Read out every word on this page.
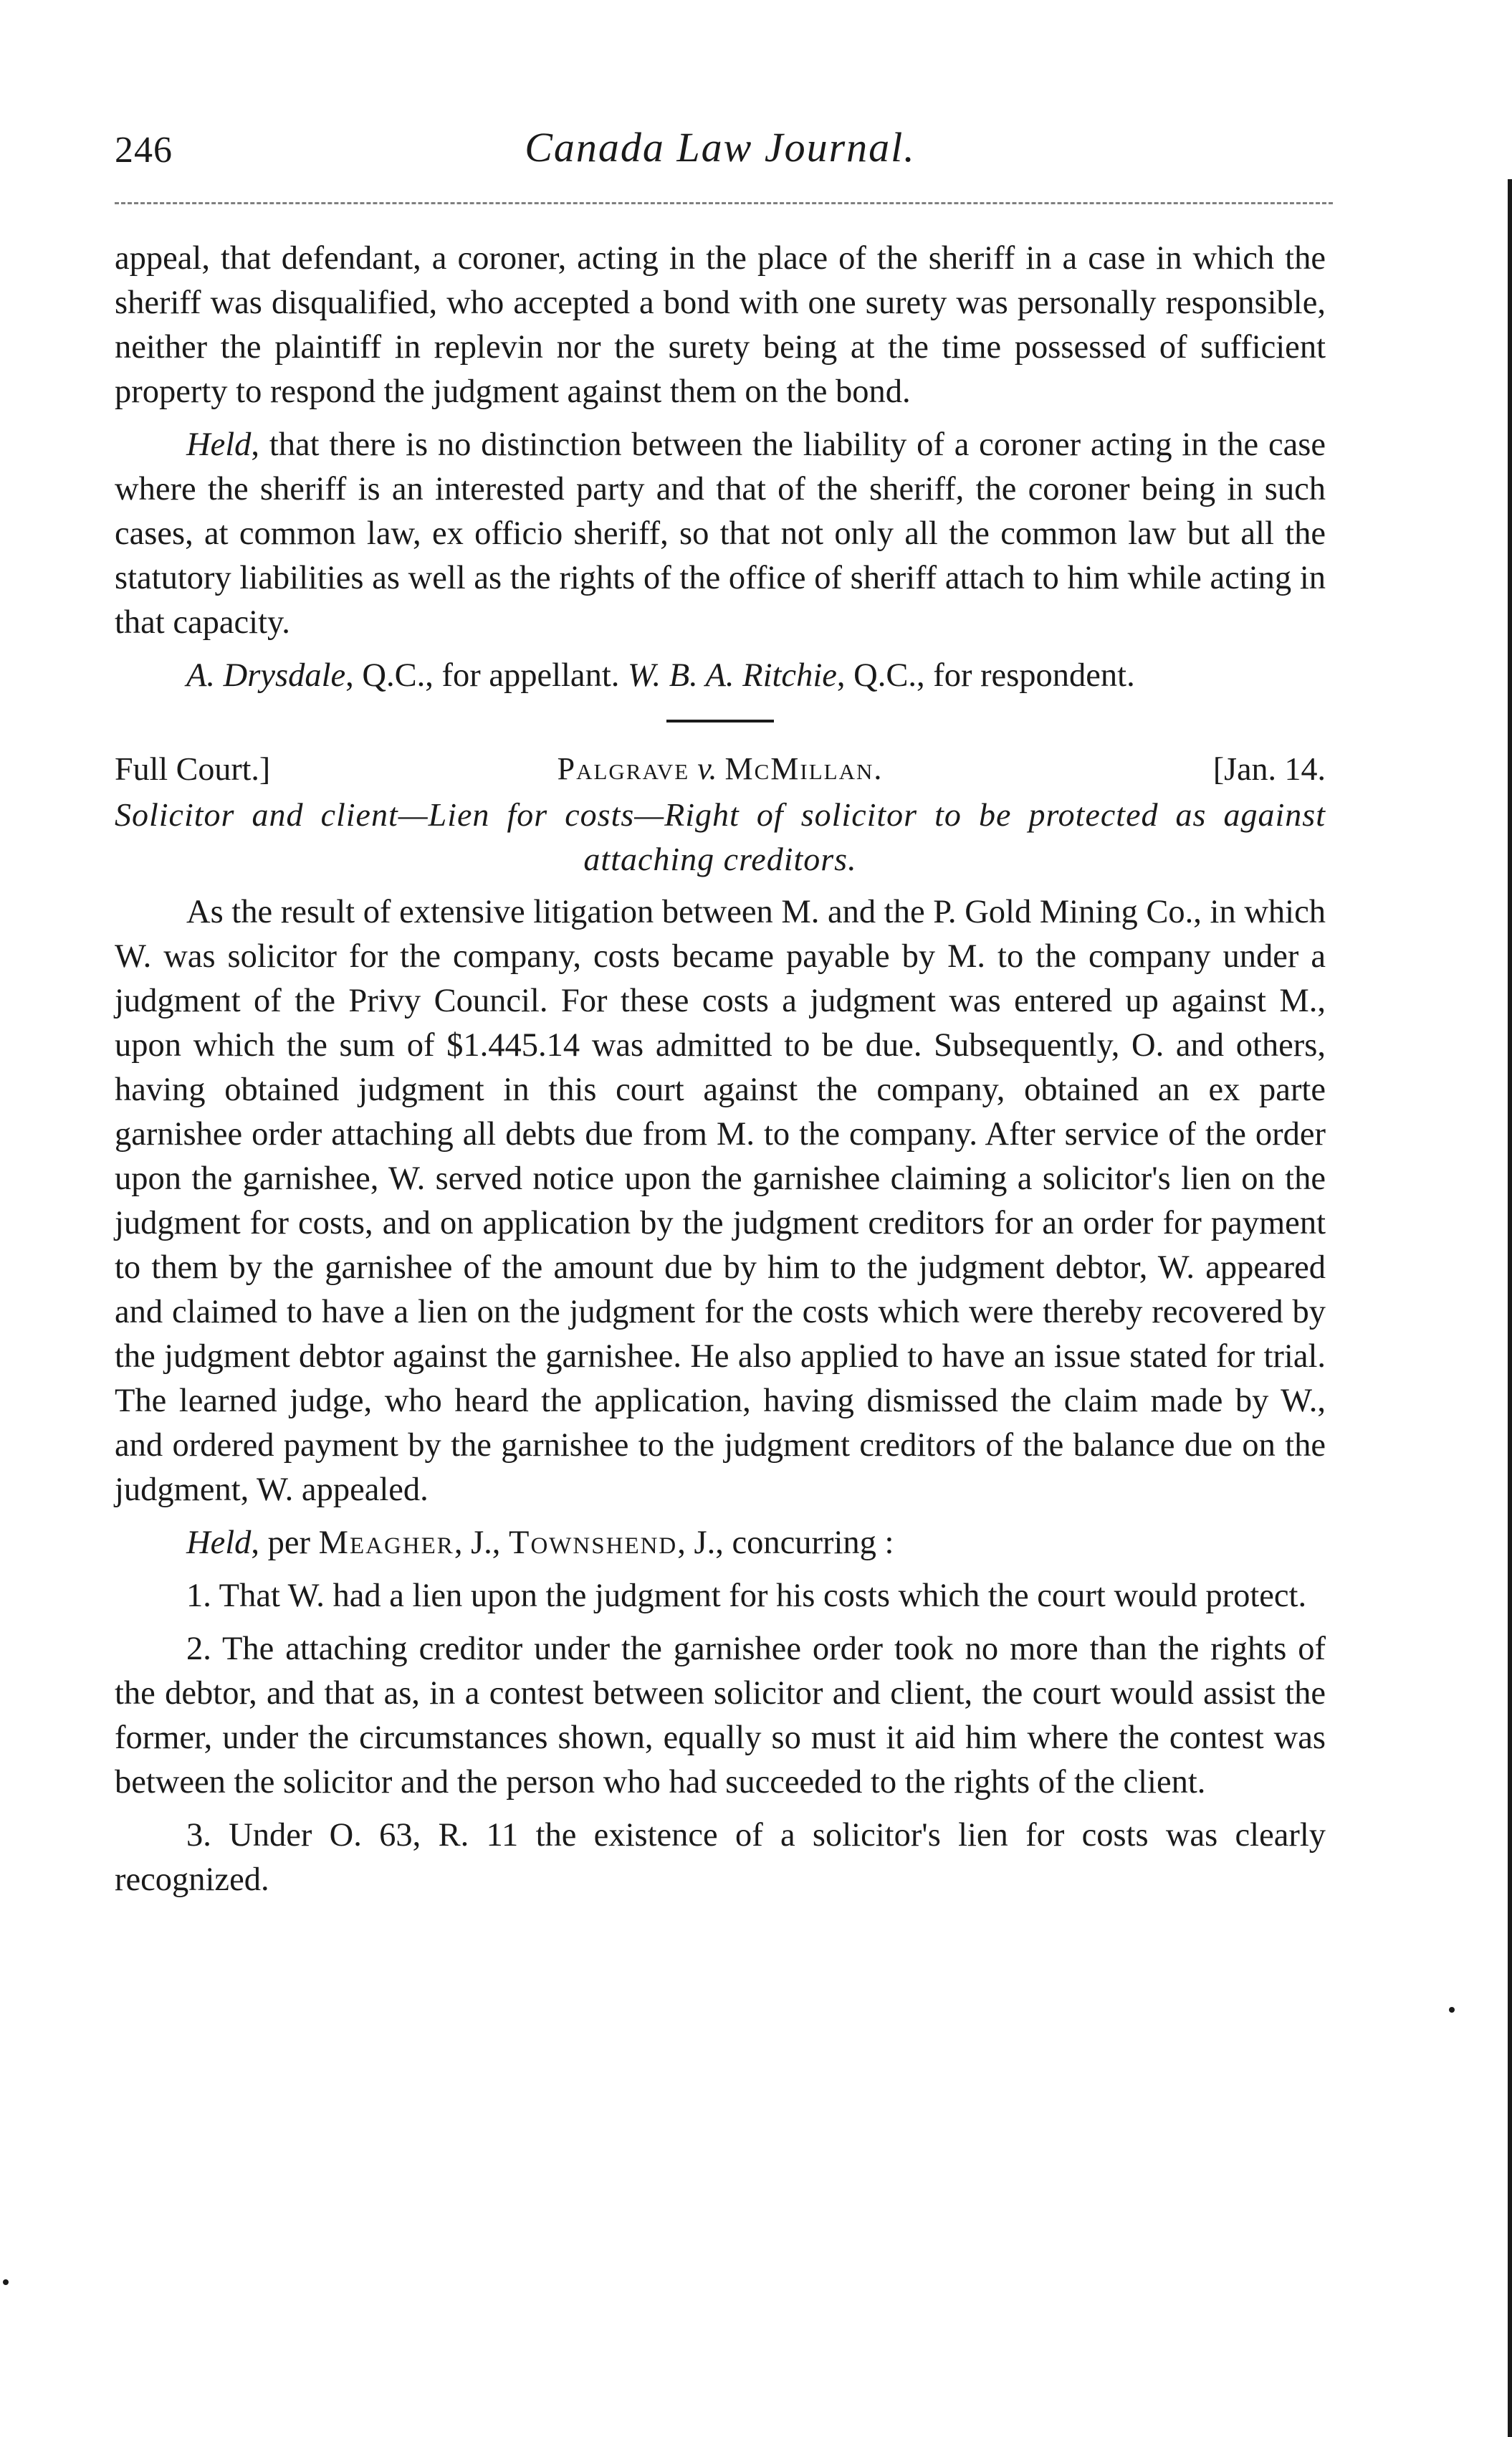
246	Canada Law Journal.

appeal, that defendant, a coroner, acting in the place of the sheriff in a case in which the sheriff was disqualified, who accepted a bond with one surety was personally responsible, neither the plaintiff in replevin nor the surety being at the time possessed of sufficient property to respond the judgment against them on the bond.

Held, that there is no distinction between the liability of a coroner acting in the case where the sheriff is an interested party and that of the sheriff, the coroner being in such cases, at common law, ex officio sheriff, so that not only all the common law but all the statutory liabilities as well as the rights of the office of sheriff attach to him while acting in that capacity.

A. Drysdale, Q.C., for appellant. W. B. A. Ritchie, Q.C., for respondent.

Full Court.]	Palgrave v. McMillan.	[Jan. 14.

Solicitor and client—Lien for costs—Right of solicitor to be protected as against attaching creditors.

As the result of extensive litigation between M. and the P. Gold Mining Co., in which W. was solicitor for the company, costs became payable by M. to the company under a judgment of the Privy Council. For these costs a judgment was entered up against M., upon which the sum of $1.445.14 was admitted to be due. Subsequently, O. and others, having obtained judgment in this court against the company, obtained an ex parte garnishee order attaching all debts due from M. to the company. After service of the order upon the garnishee, W. served notice upon the garnishee claiming a solicitor's lien on the judgment for costs, and on application by the judgment creditors for an order for payment to them by the garnishee of the amount due by him to the judgment debtor, W. appeared and claimed to have a lien on the judgment for the costs which were thereby recovered by the judgment debtor against the garnishee. He also applied to have an issue stated for trial. The learned judge, who heard the application, having dismissed the claim made by W., and ordered payment by the garnishee to the judgment creditors of the balance due on the judgment, W. appealed.

Held, per Meagher, J., Townshend, J., concurring :

1. That W. had a lien upon the judgment for his costs which the court would protect.

2. The attaching creditor under the garnishee order took no more than the rights of the debtor, and that as, in a contest between solicitor and client, the court would assist the former, under the circumstances shown, equally so must it aid him where the contest was between the solicitor and the person who had succeeded to the rights of the client.

3. Under O. 63, R. 11 the existence of a solicitor's lien for costs was clearly recognized.
